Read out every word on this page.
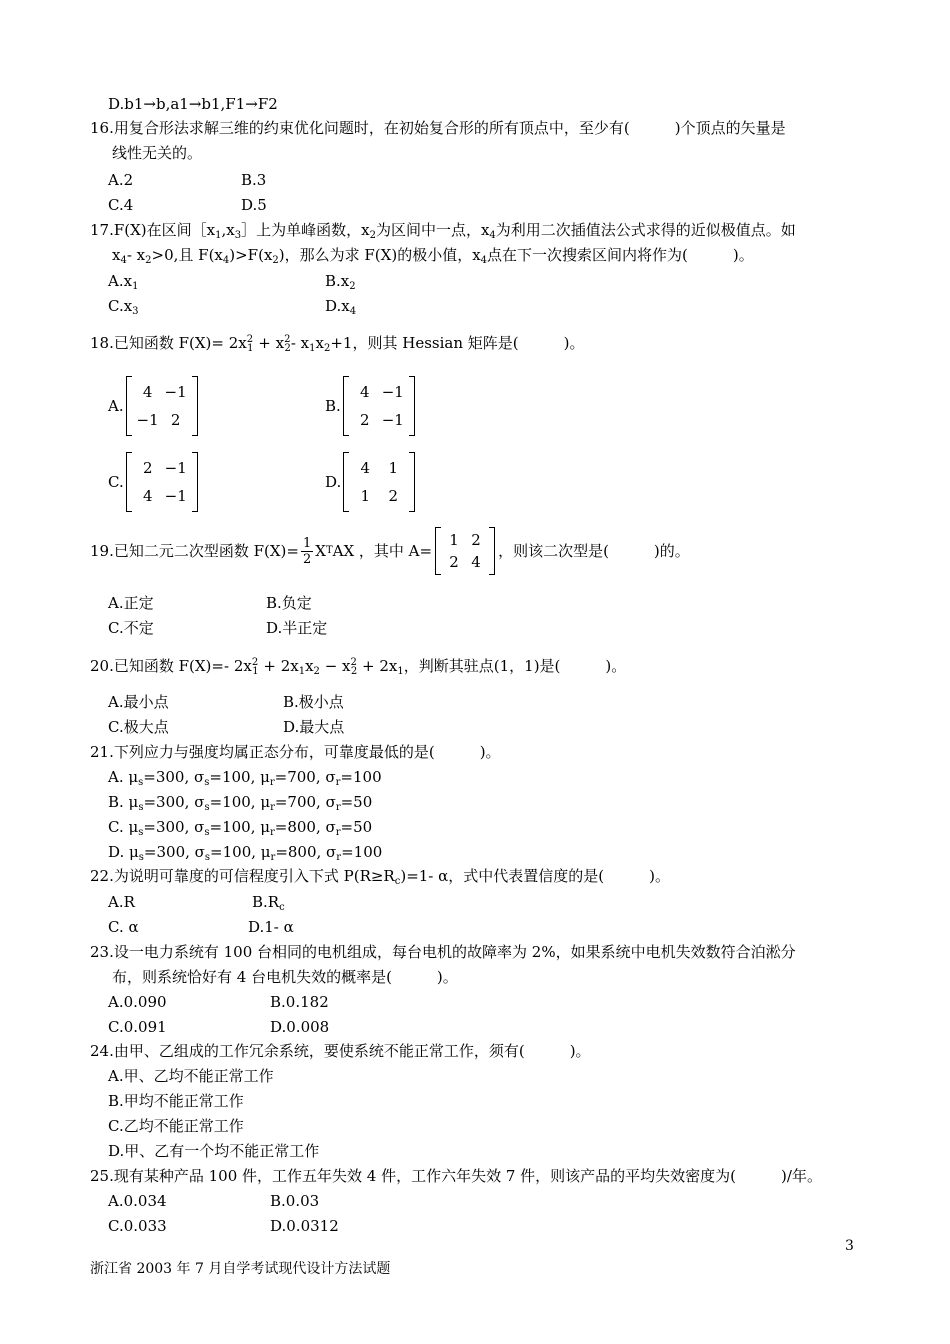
D.b1→b,a1→b1,F1→F2
16.用复合形法求解三维的约束优化问题时，在初始复合形的所有顶点中，至少有(　　　)个顶点的矢量是
线性无关的。
A.2	B.3
C.4	D.5
17.F(X)在区间$[x_1,x_3]$上为单峰函数，$x_2$为区间中一点，$x_4$为利用二次插值法公式求得的近似极值点。如
$x_4-$ $x_2>0$,且 $F(x_4)>F(x_2)$，那么为求 F(X)的极小值，$x_4$点在下一次搜索区间内将作为(　　　)。
$A.x_1$	$B.x_2$
$C.x_3$	$D.x_4$
18.已知函数 $F(X)= 2x^2_1 + x^2_2-$ $x_1x_2+1$，则其 Hessian 矩阵是(　　　)。
A.
4 −1
−1 2
B.
4 −1
2 −1
C.
2 −1
4 −1
D.
4	1
1	2
19.已知二元二次型函数 $F(X)= \frac{1}{2}$ X T AX ，其中 A=
1 2
2 4
，则该二次型是(　　　)的。
A.正定	B.负定
C.不定	D.半正定
20.已知函数 F(X)=- $2x^2_1 + 2x_1x_2 - x^2_2 + 2x_1$，判断其驻点(1，1)是(　　　)。
A.最小点	B.极小点
C.极大点	D.最大点
21.下列应力与强度均属正态分布，可靠度最低的是(　　　)。
A. $\mu_s=300$, $\sigma_s=100$, $\mu_r=700$, $\sigma_r=100$
B. $\mu_s=300$, $\sigma_s=100$, $\mu_r=700$, $\sigma_r=50$
C. $\mu_s=300$, $\sigma_s=100$, $\mu_r=800$, $\sigma_r=50$
D. $\mu_s=300$, $\sigma_s=100$, $\mu_r=800$, $\sigma_r=100$
22.为说明可靠度的可信程度引入下式 $P(R\ge R_c)=1-$ α，式中代表置信度的是(　　　)。
A.R	$B.R_c$
C. α	D.1- α
23.设一电力系统有 100 台相同的电机组成，每台电机的故障率为 2%，如果系统中电机失效数符合泊淞分
布，则系统恰好有 4 台电机失效的概率是(　　　)。
A.0.090	B.0.182
C.0.091	D.0.008
24.由甲、乙组成的工作冗余系统，要使系统不能正常工作，须有(　　　)。
A.甲、乙均不能正常工作
B.甲均不能正常工作
C.乙均不能正常工作
D.甲、乙有一个均不能正常工作
25.现有某种产品 100 件，工作五年失效 4 件，工作六年失效 7 件，则该产品的平均失效密度为(　　　)/年。
A.0.034	B.0.03
C.0.033	D.0.0312
3
浙江省 2003 年 7 月自学考试现代设计方法试题
